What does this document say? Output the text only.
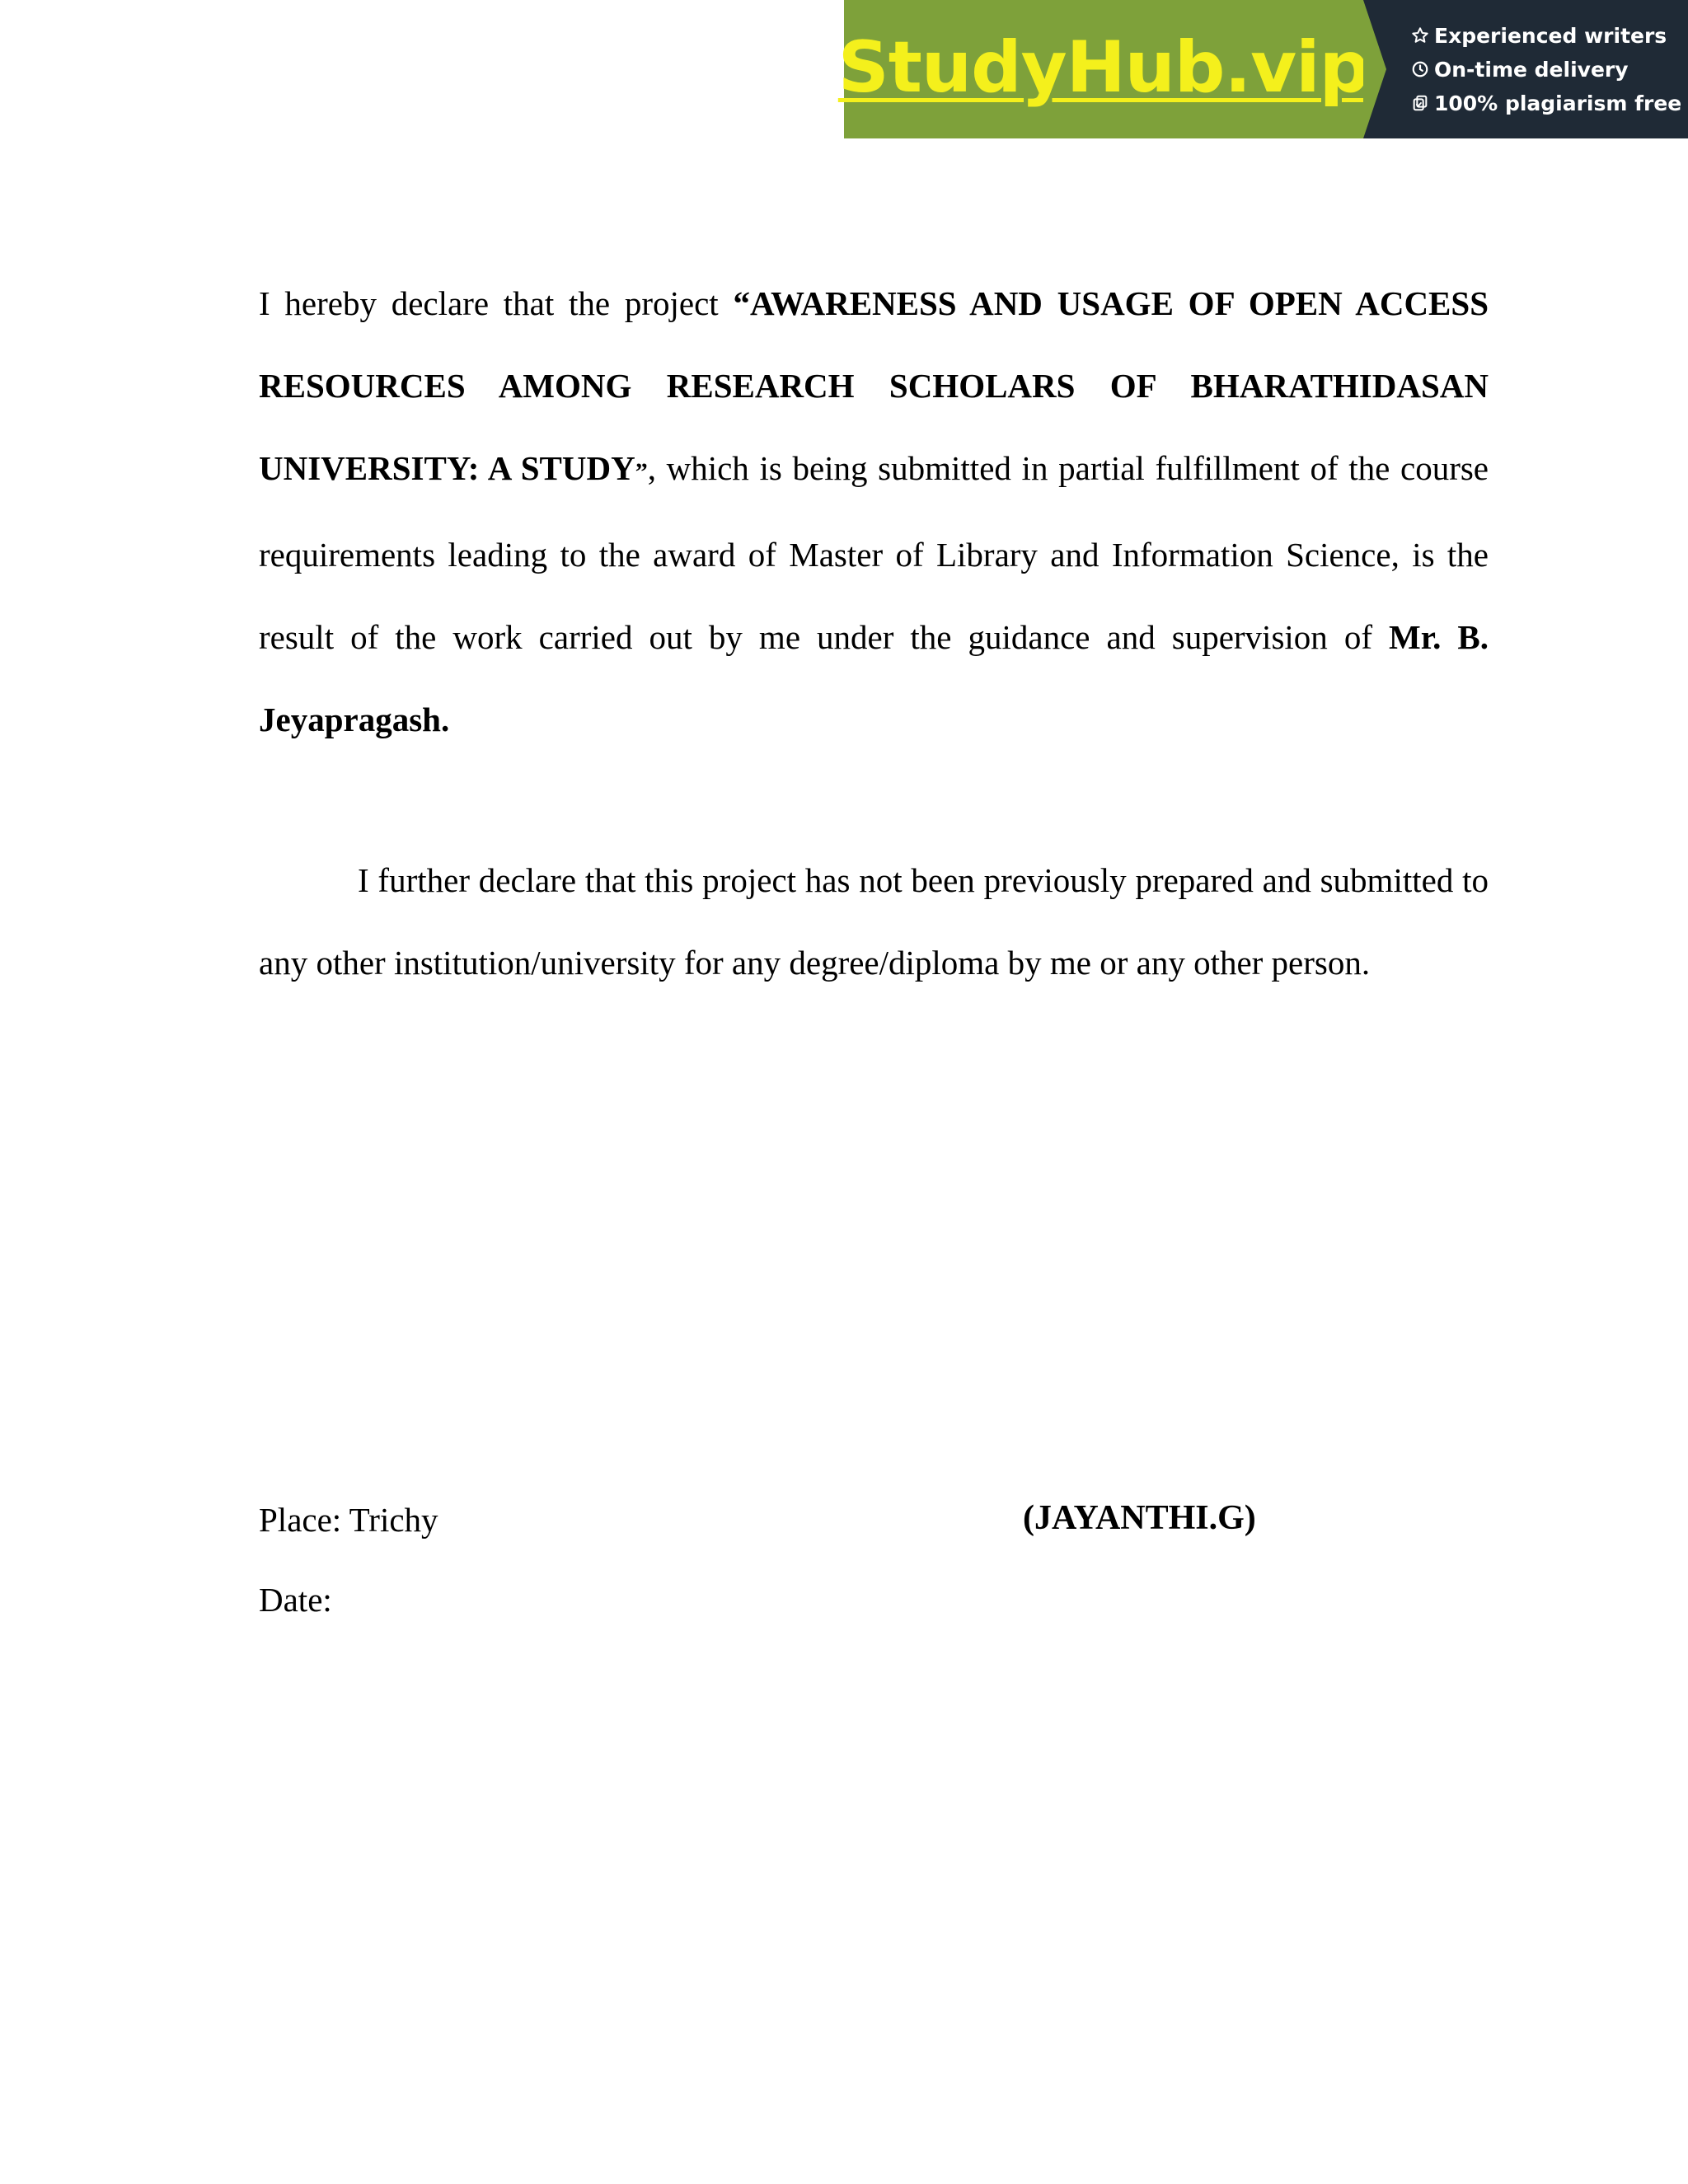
StudyHub.vip	Experienced writers
On-time delivery
100% plagiarism free

I hereby declare that the project “AWARENESS AND USAGE OF OPEN ACCESS RESOURCES AMONG RESEARCH SCHOLARS OF BHARATHIDASAN UNIVERSITY: A STUDY”, which is being submitted in partial fulfillment of the course requirements leading to the award of Master of Library and Information Science, is the result of the work carried out by me under the guidance and supervision of Mr. B. Jeyapragash.

I further declare that this project has not been previously prepared and submitted to any other institution/university for any degree/diploma by me or any other person.

Place: Trichy	(JAYANTHI.G)
Date:
